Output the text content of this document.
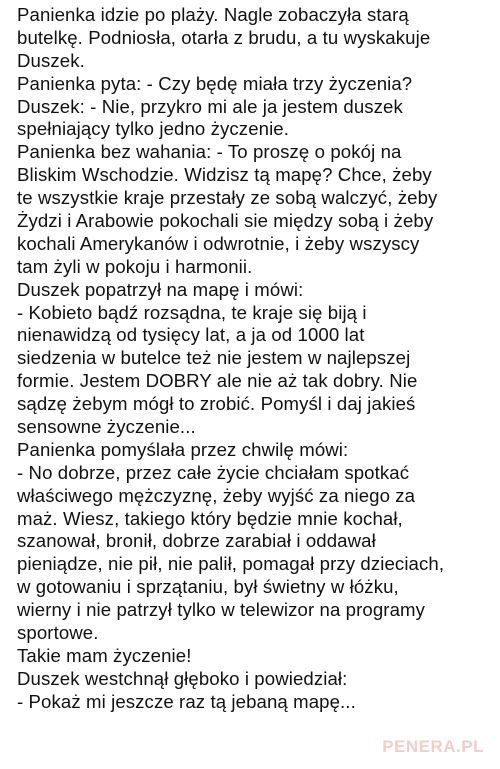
Panienka idzie po plaży. Nagle zobaczyła starą
butelkę. Podniosła, otarła z brudu, a tu wyskakuje
Duszek.
Panienka pyta: - Czy będę miała trzy życzenia?
Duszek: - Nie, przykro mi ale ja jestem duszek
spełniający tylko jedno życzenie.
Panienka bez wahania: - To proszę o pokój na
Bliskim Wschodzie. Widzisz tą mapę? Chce, żeby
te wszystkie kraje przestały ze sobą walczyć, żeby
Żydzi i Arabowie pokochali sie między sobą i żeby
kochali Amerykanów i odwrotnie, i żeby wszyscy
tam żyli w pokoju i harmonii.
Duszek popatrzył na mapę i mówi:
- Kobieto bądź rozsądna, te kraje się biją i
nienawidzą od tysięcy lat, a ja od 1000 lat
siedzenia w butelce też nie jestem w najlepszej
formie. Jestem DOBRY ale nie aż tak dobry. Nie
sądzę żebym mógł to zrobić. Pomyśl i daj jakieś
sensowne życzenie...
Panienka pomyślała przez chwilę mówi:
- No dobrze, przez całe życie chciałam spotkać
właściwego mężczyznę, żeby wyjść za niego za
maż. Wiesz, takiego który będzie mnie kochał,
szanował, bronił, dobrze zarabiał i oddawał
pieniądze, nie pił, nie palił, pomagał przy dzieciach,
w gotowaniu i sprzątaniu, był świetny w łóżku,
wierny i nie patrzył tylko w telewizor na programy
sportowe.
Takie mam życzenie!
Duszek westchnął głęboko i powiedział:
- Pokaż mi jeszcze raz tą jebaną mapę...
PENERA.PL
